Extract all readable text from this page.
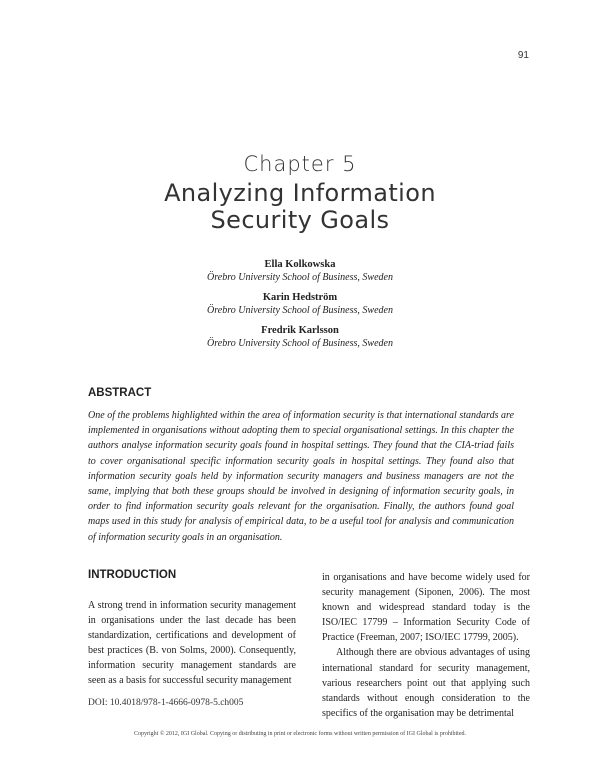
91
Chapter 5
Analyzing Information
Security Goals
Ella Kolkowska
Örebro University School of Business, Sweden
Karin Hedström
Örebro University School of Business, Sweden
Fredrik Karlsson
Örebro University School of Business, Sweden
ABSTRACT
One of the problems highlighted within the area of information security is that international standards are implemented in organisations without adopting them to special organisational settings. In this chapter the authors analyse information security goals found in hospital settings. They found that the CIA-triad fails to cover organisational specific information security goals in hospital settings. They found also that information security goals held by information security managers and business managers are not the same, implying that both these groups should be involved in designing of information security goals, in order to find information security goals relevant for the organisation. Finally, the authors found goal maps used in this study for analysis of empirical data, to be a useful tool for analysis and communication of information security goals in an organisation.
INTRODUCTION
A strong trend in information security management in organisations under the last decade has been standardization, certifications and development of best practices (B. von Solms, 2000). Consequently, information security management standards are seen as a basis for successful security management

in organisations and have become widely used for security management (Siponen, 2006). The most known and widespread standard today is the ISO/IEC 17799 – Information Security Code of Practice (Freeman, 2007; ISO/IEC 17799, 2005).

Although there are obvious advantages of using international standard for security management, various researchers point out that applying such standards without enough consideration to the specifics of the organisation may be detrimental

DOI: 10.4018/978-1-4666-0978-5.ch005
Copyright © 2012, IGI Global. Copying or distributing in print or electronic forms without written permission of IGI Global is prohibited.
